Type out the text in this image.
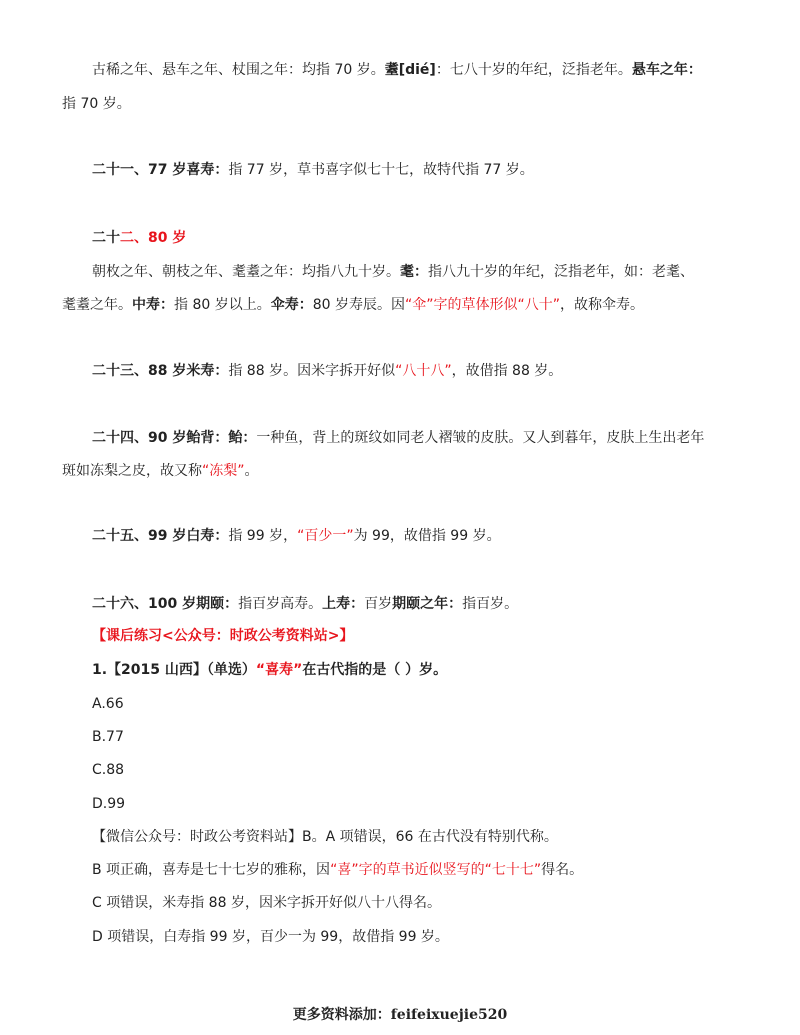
古稀之年、悬车之年、杖围之年：均指 70 岁。耋[dié]：七八十岁的年纪，泛指老年。悬车之年：
指 70 岁。
二十一、77 岁喜寿：指 77 岁，草书喜字似七十七，故特代指 77 岁。
二十二、80 岁
朝枚之年、朝枝之年、耄耋之年：均指八九十岁。耄：指八九十岁的年纪，泛指老年，如：老耄、
耄耋之年。中寿：指 80 岁以上。伞寿：80 岁寿辰。因“伞”字的草体形似“八十”，故称伞寿。
二十三、88 岁米寿：指 88 岁。因米字拆开好似“八十八”，故借指 88 岁。
二十四、90 岁鲐背：鲐：一种鱼，背上的斑纹如同老人褶皱的皮肤。又人到暮年，皮肤上生出老年
斑如冻梨之皮，故又称“冻梨”。
二十五、99 岁白寿：指 99 岁，“百少一”为 99，故借指 99 岁。
二十六、100 岁期颐：指百岁高寿。上寿：百岁期颐之年：指百岁。
【课后练习<公众号：时政公考资料站>】
1.【2015 山西】（单选）“喜寿”在古代指的是（ ）岁。
A.66
B.77
C.88
D.99
【微信公众号：时政公考资料站】B。A 项错误，66 在古代没有特别代称。
B 项正确，喜寿是七十七岁的雅称，因“喜”字的草书近似竖写的“七十七”得名。
C 项错误，米寿指 88 岁，因米字拆开好似八十八得名。
D 项错误，白寿指 99 岁，百少一为 99，故借指 99 岁。
更多资料添加：feifeixuejie520
